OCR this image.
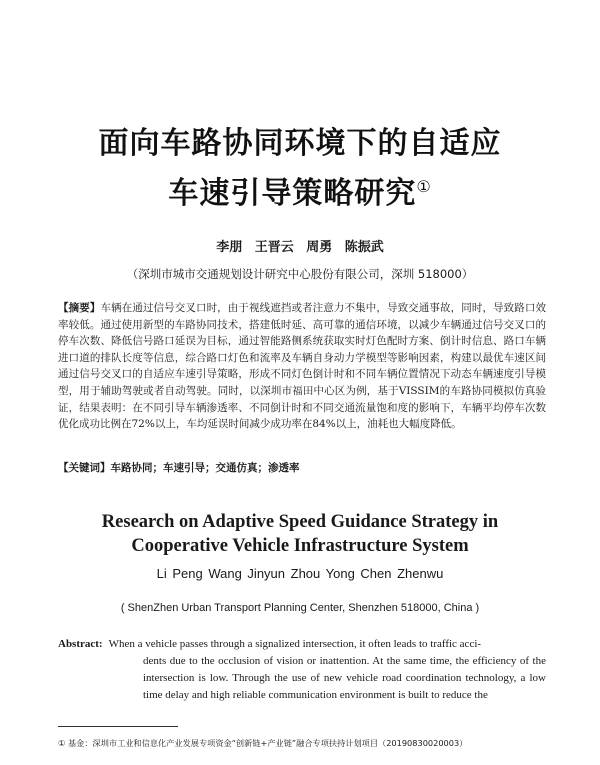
面向车路协同环境下的自适应
车速引导策略研究①
李朋 王晋云 周勇 陈振武
（深圳市城市交通规划设计研究中心股份有限公司，深圳 518000）
【摘要】车辆在通过信号交叉口时，由于视线遮挡或者注意力不集中，导致交通事故，同时，导致路口效率较低。通过使用新型的车路协同技术，搭建低时延、高可靠的通信环境，以减少车辆通过信号交叉口的停车次数、降低信号路口延误为目标，通过智能路侧系统获取实时灯色配时方案、倒计时信息、路口车辆进口道的排队长度等信息，综合路口灯色和流率及车辆自身动力学模型等影响因素，构建以最优车速区间通过信号交叉口的自适应车速引导策略，形成不同灯色倒计时和不同车辆位置情况下动态车辆速度引导模型，用于辅助驾驶或者自动驾驶。同时，以深圳市福田中心区为例，基于VISSIM的车路协同模拟仿真验证，结果表明：在不同引导车辆渗透率、不同倒计时和不同交通流量饱和度的影响下，车辆平均停车次数优化成功比例在72%以上，车均延误时间减少成功率在84%以上，油耗也大幅度降低。
【关键词】车路协同；车速引导；交通仿真；渗透率
Research on Adaptive Speed Guidance Strategy in
Cooperative Vehicle Infrastructure System
Li Peng Wang Jinyun Zhou Yong Chen Zhenwu
( ShenZhen Urban Transport Planning Center, Shenzhen 518000, China )
Abstract: When a vehicle passes through a signalized intersection, it often leads to traffic acci-
dents due to the occlusion of vision or inattention. At the same time, the efficiency of the intersection is low. Through the use of new vehicle road coordination technology, a low time delay and high reliable communication environment is built to reduce the
① 基金：深圳市工业和信息化产业发展专项资金“创新链+产业链”融合专项扶持计划项目（20190830020003）
